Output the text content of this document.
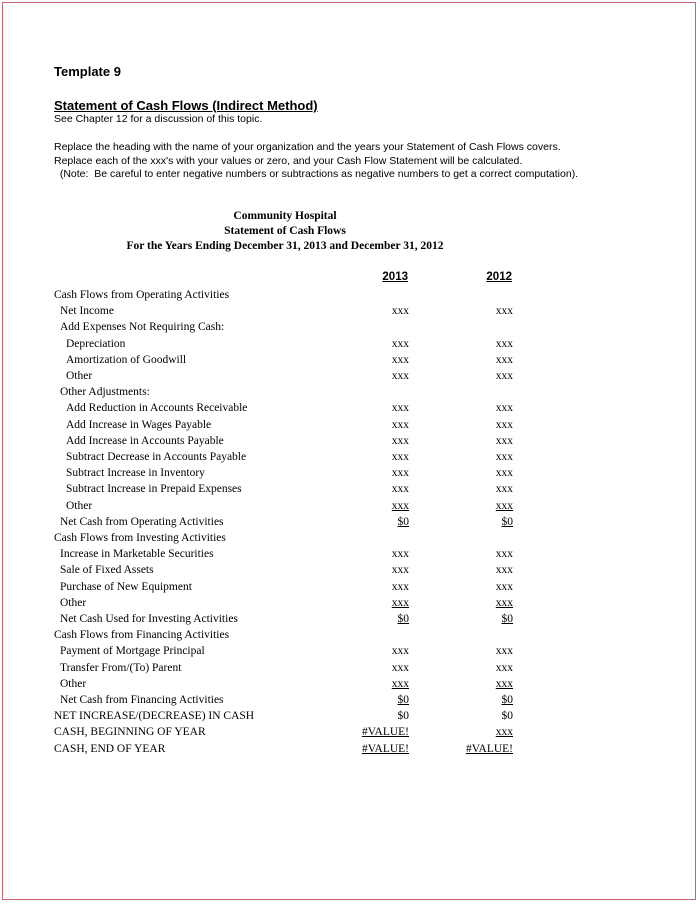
Template 9
Statement of Cash Flows (Indirect Method)
See Chapter 12 for a discussion of this topic.
Replace the heading with the name of your organization and the years your Statement of Cash Flows covers.
Replace each of the xxx's with your values or zero, and your Cash Flow Statement will be calculated.
(Note:  Be careful to enter negative numbers or subtractions as negative numbers to get a correct computation).
Community Hospital
Statement of Cash Flows
For the Years Ending December 31, 2013 and December 31, 2012
2013	2012
Cash Flows from Operating Activities
Net Income	xxx	xxx
Add Expenses Not Requiring Cash:
Depreciation	xxx	xxx
Amortization of Goodwill	xxx	xxx
Other	xxx	xxx
Other Adjustments:
Add Reduction in Accounts Receivable	xxx	xxx
Add Increase in Wages Payable	xxx	xxx
Add Increase in Accounts Payable	xxx	xxx
Subtract Decrease in Accounts Payable	xxx	xxx
Subtract Increase in Inventory	xxx	xxx
Subtract Increase in Prepaid Expenses	xxx	xxx
Other	xxx	xxx
Net Cash from Operating Activities	$0	$0
Cash Flows from Investing Activities
Increase in Marketable Securities	xxx	xxx
Sale of Fixed Assets	xxx	xxx
Purchase of New Equipment	xxx	xxx
Other	xxx	xxx
Net Cash Used for Investing Activities	$0	$0
Cash Flows from Financing Activities
Payment of Mortgage Principal	xxx	xxx
Transfer From/(To) Parent	xxx	xxx
Other	xxx	xxx
Net Cash from Financing Activities	$0	$0
NET INCREASE/(DECREASE) IN CASH	$0	$0
CASH, BEGINNING OF YEAR	#VALUE!	xxx
CASH, END OF YEAR	#VALUE!	#VALUE!
